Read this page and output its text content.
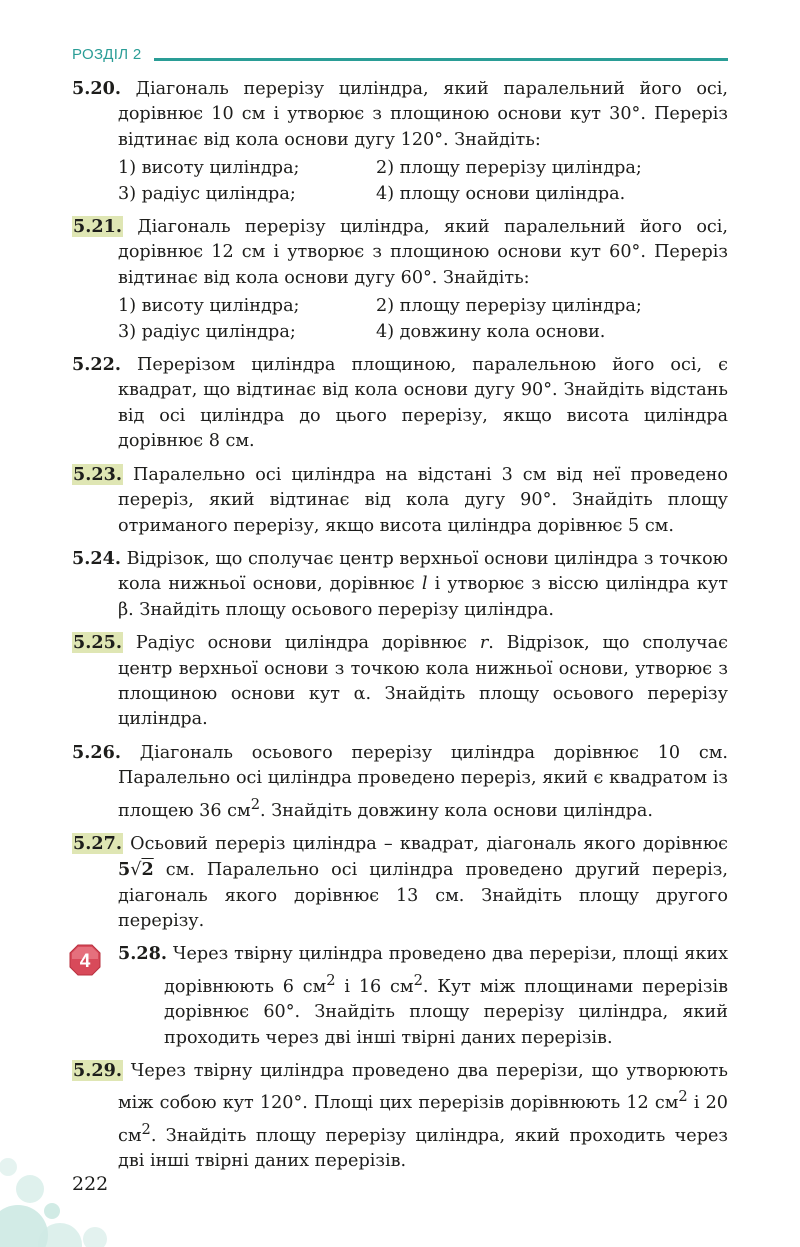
РОЗДІЛ 2

5.20. Діагональ перерізу циліндра, який паралельний його осі, дорівнює 10 см і утворює з площиною основи кут 30°. Переріз відтинає від кола основи дугу 120°. Знайдіть:

1) висоту циліндра;	2) площу перерізу циліндра;
3) радіус циліндра;	4) площу основи циліндра.

5.21. Діагональ перерізу циліндра, який паралельний його осі, дорівнює 12 см і утворює з площиною основи кут 60°. Переріз відтинає від кола основи дугу 60°. Знайдіть:

1) висоту циліндра;	2) площу перерізу циліндра;
3) радіус циліндра;	4) довжину кола основи.

5.22. Перерізом циліндра площиною, паралельною його осі, є квадрат, що відтинає від кола основи дугу 90°. Знайдіть відстань від осі циліндра до цього перерізу, якщо висота циліндра дорівнює 8 см.

5.23. Паралельно осі циліндра на відстані 3 см від неї проведено переріз, який відтинає від кола дугу 90°. Знайдіть площу отриманого перерізу, якщо висота циліндра дорівнює 5 см.

5.24. Відрізок, що сполучає центр верхньої основи циліндра з точкою кола нижньої основи, дорівнює l і утворює з віссю циліндра кут β. Знайдіть площу осьового перерізу циліндра.

5.25. Радіус основи циліндра дорівнює r. Відрізок, що сполучає центр верхньої основи з точкою кола нижньої основи, утворює з площиною основи кут α. Знайдіть площу осьового перерізу циліндра.

5.26. Діагональ осьового перерізу циліндра дорівнює 10 см. Паралельно осі циліндра проведено переріз, який є квадратом із площею 36 $см^2$. Знайдіть довжину кола основи циліндра.

5.27. Осьовий переріз циліндра – квадрат, діагональ якого дорівнює 5√2 см. Паралельно осі циліндра проведено другий переріз, діагональ якого дорівнює 13 см. Знайдіть площу другого перерізу.

4	5.28. Через твірну циліндра проведено два перерізи, площі яких дорівнюють 6 $см^2$ і 16 $см^2$. Кут між площинами перерізів дорівнює 60°. Знайдіть площу перерізу циліндра, який проходить через дві інші твірні даних перерізів.

5.29. Через твірну циліндра проведено два перерізи, що утворюють між собою кут 120°. Площі цих перерізів дорівнюють 12 $см^2$ і 20 $см^2$. Знайдіть площу перерізу циліндра, який проходить через дві інші твірні даних перерізів.

222
